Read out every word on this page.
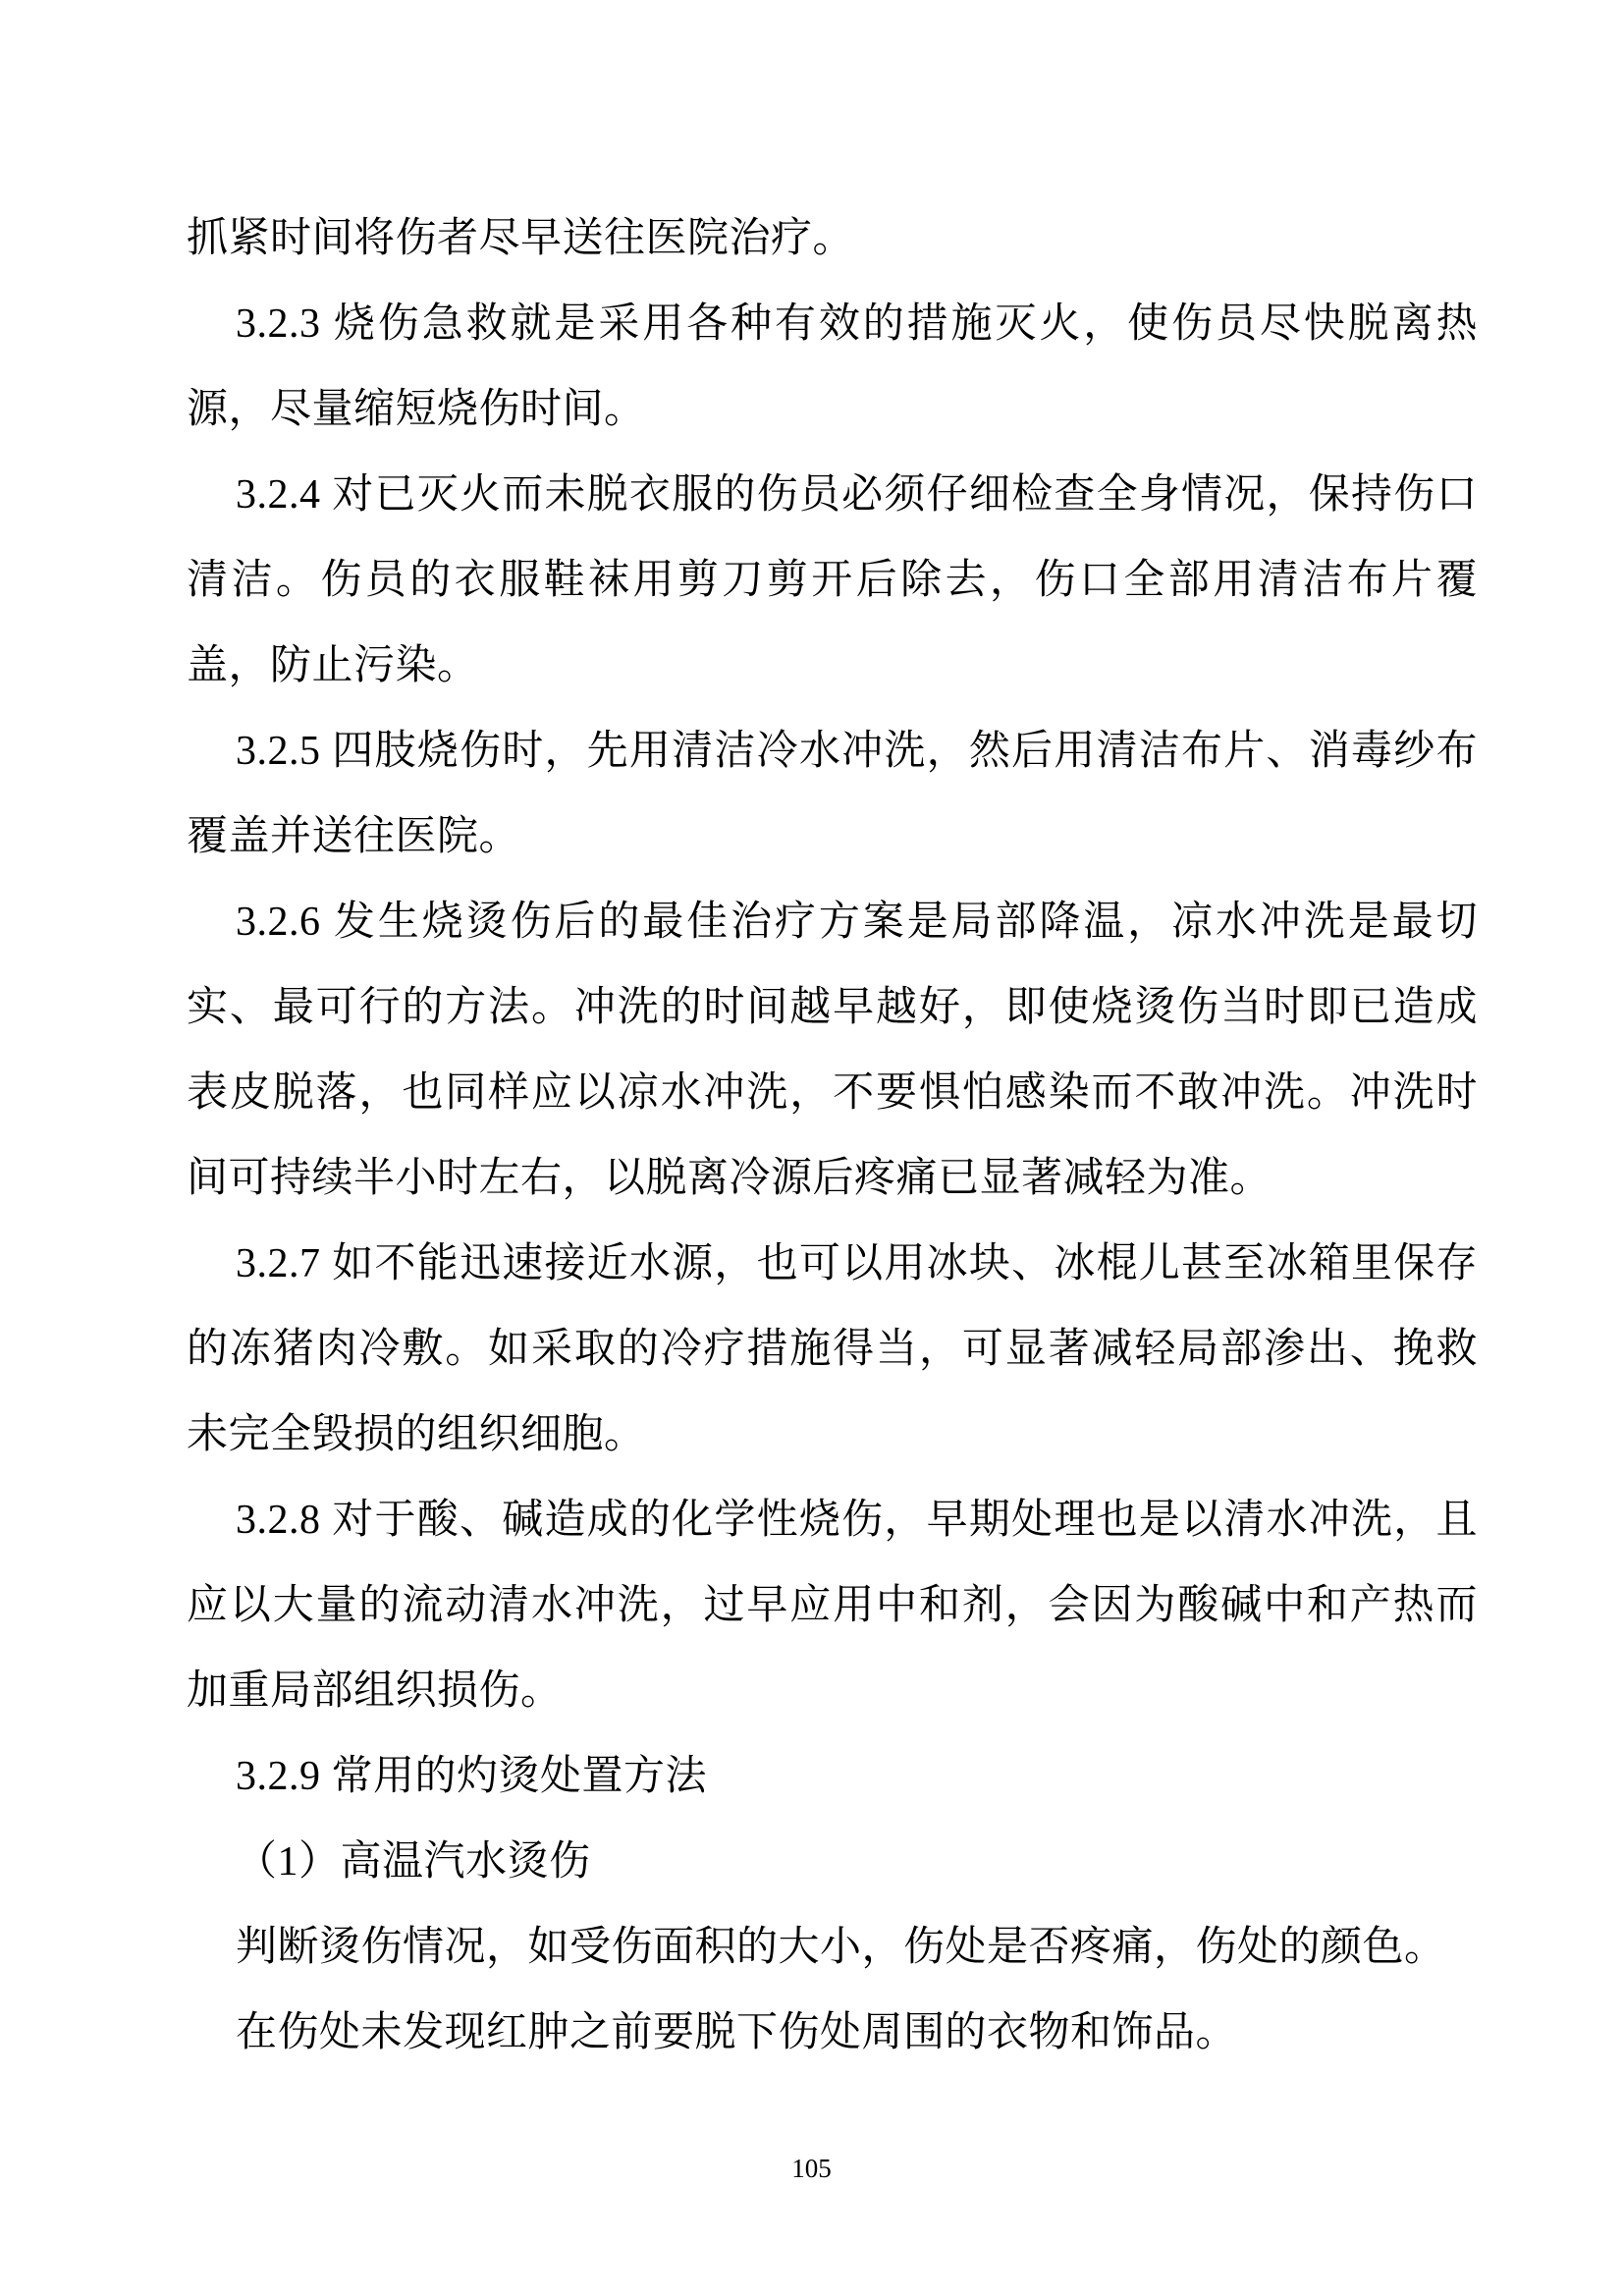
抓紧时间将伤者尽早送往医院治疗。

3.2.3 烧伤急救就是采用各种有效的措施灭火，使伤员尽快脱离热源，尽量缩短烧伤时间。

3.2.4 对已灭火而未脱衣服的伤员必须仔细检查全身情况，保持伤口清洁。伤员的衣服鞋袜用剪刀剪开后除去，伤口全部用清洁布片覆盖，防止污染。

3.2.5 四肢烧伤时，先用清洁冷水冲洗，然后用清洁布片、消毒纱布覆盖并送往医院。

3.2.6 发生烧烫伤后的最佳治疗方案是局部降温，凉水冲洗是最切实、最可行的方法。冲洗的时间越早越好，即使烧烫伤当时即已造成表皮脱落，也同样应以凉水冲洗，不要惧怕感染而不敢冲洗。冲洗时间可持续半小时左右，以脱离冷源后疼痛已显著减轻为准。

3.2.7 如不能迅速接近水源，也可以用冰块、冰棍儿甚至冰箱里保存的冻猪肉冷敷。如采取的冷疗措施得当，可显著减轻局部渗出、挽救未完全毁损的组织细胞。

3.2.8 对于酸、碱造成的化学性烧伤，早期处理也是以清水冲洗，且应以大量的流动清水冲洗，过早应用中和剂，会因为酸碱中和产热而加重局部组织损伤。

3.2.9 常用的灼烫处置方法

（1）高温汽水烫伤

判断烫伤情况，如受伤面积的大小，伤处是否疼痛，伤处的颜色。

在伤处未发现红肿之前要脱下伤处周围的衣物和饰品。

105
